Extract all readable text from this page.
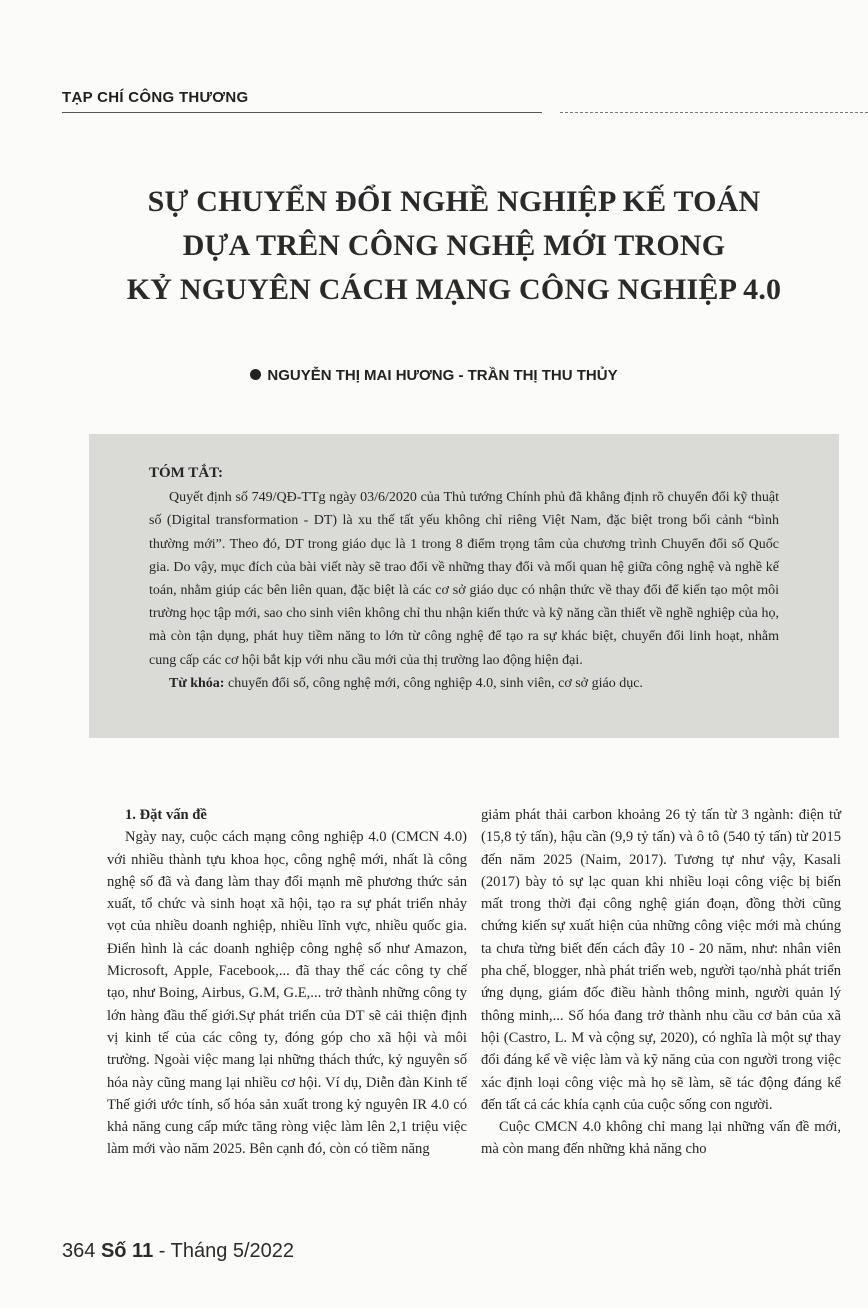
TẠP CHÍ CÔNG THƯƠNG
SỰ CHUYỂN ĐỔI NGHỀ NGHIỆP KẾ TOÁN
DỰA TRÊN CÔNG NGHỆ MỚI TRONG
KỶ NGUYÊN CÁCH MẠNG CÔNG NGHIỆP 4.0
NGUYỄN THỊ MAI HƯƠNG - TRẦN THỊ THU THỦY
TÓM TẮT:

Quyết định số 749/QĐ-TTg ngày 03/6/2020 của Thủ tướng Chính phủ đã khẳng định rõ chuyển đổi kỹ thuật số (Digital transformation - DT) là xu thế tất yếu không chỉ riêng Việt Nam, đặc biệt trong bối cảnh “bình thường mới”. Theo đó, DT trong giáo dục là 1 trong 8 điểm trọng tâm của chương trình Chuyển đổi số Quốc gia. Do vậy, mục đích của bài viết này sẽ trao đổi về những thay đổi và mối quan hệ giữa công nghệ và nghề kế toán, nhằm giúp các bên liên quan, đặc biệt là các cơ sở giáo dục có nhận thức về thay đổi để kiến tạo một môi trường học tập mới, sao cho sinh viên không chỉ thu nhận kiến thức và kỹ năng cần thiết về nghề nghiệp của họ, mà còn tận dụng, phát huy tiềm năng to lớn từ công nghệ để tạo ra sự khác biệt, chuyển đổi linh hoạt, nhằm cung cấp các cơ hội bắt kịp với nhu cầu mới của thị trường lao động hiện đại.

Từ khóa: chuyển đổi số, công nghệ mới, công nghiệp 4.0, sinh viên, cơ sở giáo dục.

1. Đặt vấn đề

Ngày nay, cuộc cách mạng công nghiệp 4.0 (CMCN 4.0) với nhiều thành tựu khoa học, công nghệ mới, nhất là công nghệ số đã và đang làm thay đổi mạnh mẽ phương thức sản xuất, tổ chức và sinh hoạt xã hội, tạo ra sự phát triển nhảy vọt của nhiều doanh nghiệp, nhiều lĩnh vực, nhiều quốc gia. Điển hình là các doanh nghiệp công nghệ số như Amazon, Microsoft, Apple, Facebook,... đã thay thế các công ty chế tạo, như Boing, Airbus, G.M, G.E,... trở thành những công ty lớn hàng đầu thế giới.Sự phát triển của DT sẽ cải thiện định vị kinh tế của các công ty, đóng góp cho xã hội và môi trường. Ngoài việc mang lại những thách thức, kỷ nguyên số hóa này cũng mang lại nhiều cơ hội. Ví dụ, Diễn đàn Kinh tế Thế giới ước tính, số hóa sản xuất trong kỷ nguyên IR 4.0 có khả năng cung cấp mức tăng ròng việc làm lên 2,1 triệu việc làm mới vào năm 2025. Bên cạnh đó, còn có tiềm năng

giảm phát thải carbon khoảng 26 tỷ tấn từ 3 ngành: điện tử (15,8 tỷ tấn), hậu cần (9,9 tỷ tấn) và ô tô (540 tỷ tấn) từ 2015 đến năm 2025 (Naim, 2017). Tương tự như vậy, Kasali (2017) bày tỏ sự lạc quan khi nhiều loại công việc bị biến mất trong thời đại công nghệ gián đoạn, đồng thời cũng chứng kiến sự xuất hiện của những công việc mới mà chúng ta chưa từng biết đến cách đây 10 - 20 năm, như: nhân viên pha chế, blogger, nhà phát triển web, người tạo/nhà phát triển ứng dụng, giám đốc điều hành thông minh, người quản lý thông minh,... Số hóa đang trở thành nhu cầu cơ bản của xã hội (Castro, L. M và cộng sự, 2020), có nghĩa là một sự thay đổi đáng kể về việc làm và kỹ năng của con người trong việc xác định loại công việc mà họ sẽ làm, sẽ tác động đáng kể đến tất cả các khía cạnh của cuộc sống con người.

Cuộc CMCN 4.0 không chỉ mang lại những vấn đề mới, mà còn mang đến những khả năng cho

364 Số 11 - Tháng 5/2022
